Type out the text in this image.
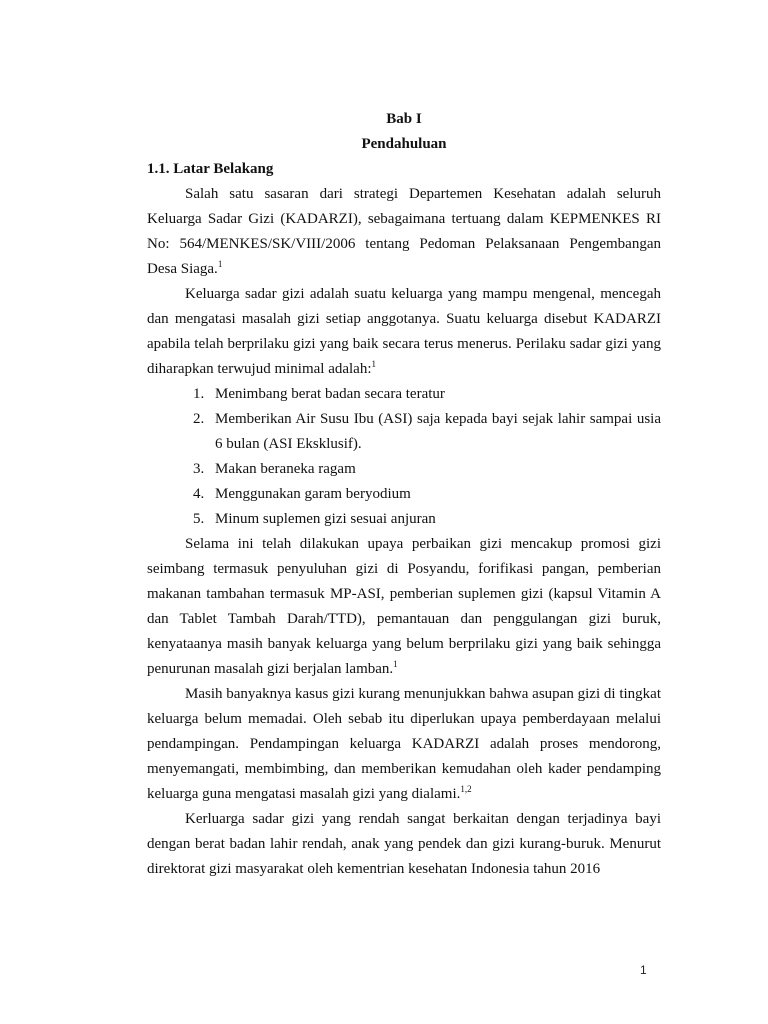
Bab I

Pendahuluan

1.1. Latar Belakang

Salah satu sasaran dari strategi Departemen Kesehatan adalah seluruh Keluarga Sadar Gizi (KADARZI), sebagaimana tertuang dalam KEPMENKES RI No: 564/MENKES/SK/VIII/2006 tentang Pedoman Pelaksanaan Pengembangan Desa Siaga.$^1$

Keluarga sadar gizi adalah suatu keluarga yang mampu mengenal, mencegah dan mengatasi masalah gizi setiap anggotanya. Suatu keluarga disebut KADARZI apabila telah berprilaku gizi yang baik secara terus menerus. Perilaku sadar gizi yang diharapkan terwujud minimal adalah:$^1$

1. Menimbang berat badan secara teratur
2. Memberikan Air Susu Ibu (ASI) saja kepada bayi sejak lahir sampai usia 6 bulan (ASI Eksklusif).
3. Makan beraneka ragam
4. Menggunakan garam beryodium
5. Minum suplemen gizi sesuai anjuran

Selama ini telah dilakukan upaya perbaikan gizi mencakup promosi gizi seimbang termasuk penyuluhan gizi di Posyandu, forifikasi pangan, pemberian makanan tambahan termasuk MP-ASI, pemberian suplemen gizi (kapsul Vitamin A dan Tablet Tambah Darah/TTD), pemantauan dan penggulangan gizi buruk, kenyataanya masih banyak keluarga yang belum berprilaku gizi yang baik sehingga penurunan masalah gizi berjalan lamban.$^1$

Masih banyaknya kasus gizi kurang menunjukkan bahwa asupan gizi di tingkat keluarga belum memadai. Oleh sebab itu diperlukan upaya pemberdayaan melalui pendampingan. Pendampingan keluarga KADARZI adalah proses mendorong, menyemangati, membimbing, dan memberikan kemudahan oleh kader pendamping keluarga guna mengatasi masalah gizi yang dialami.$^{1,2}$

Kerluarga sadar gizi yang rendah sangat berkaitan dengan terjadinya bayi dengan berat badan lahir rendah, anak yang pendek dan gizi kurang-buruk. Menurut direktorat gizi masyarakat oleh kementrian kesehatan Indonesia tahun 2016

1
